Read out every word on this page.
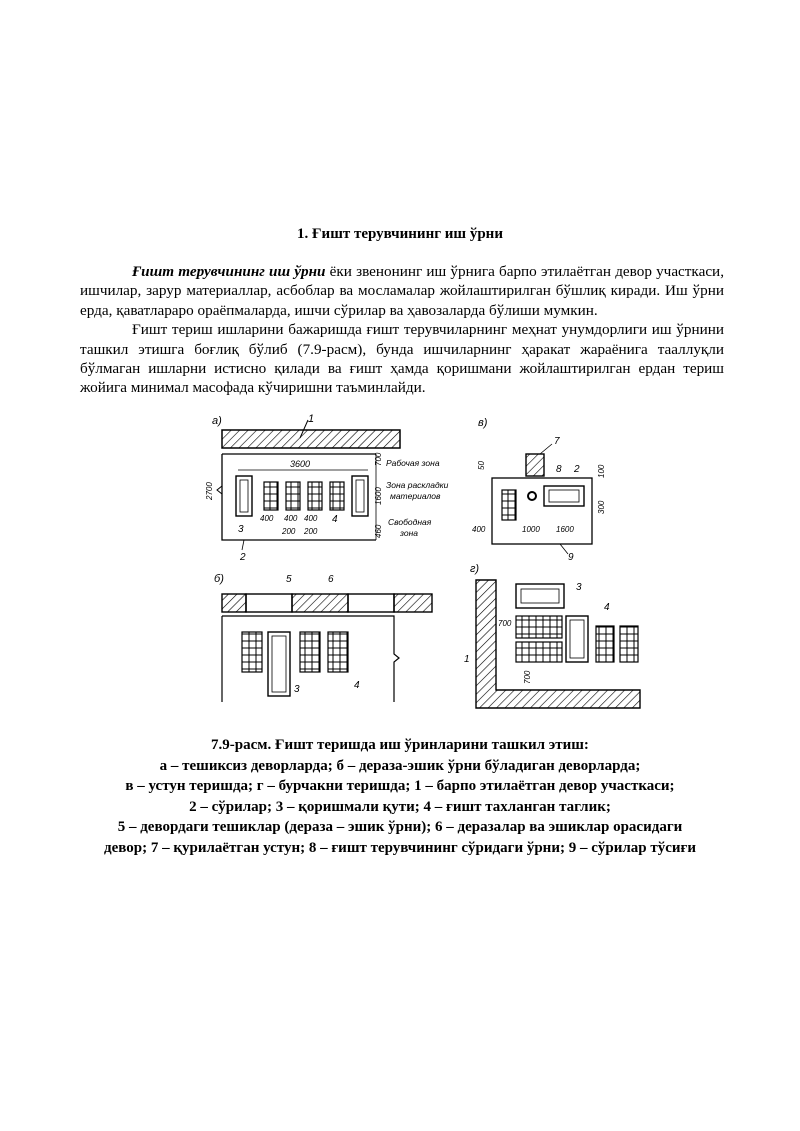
1. Ғишт терувчининг иш ўрни

Ғишт терувчининг иш ўрни ёки звенонинг иш ўрнига барпо этилаётган девор участкаси, ишчилар, зарур материаллар, асбоблар ва мосламалар жойлаштирилган бўшлиқ киради. Иш ўрни ерда, қаватлараро ораёпмаларда, ишчи сўрилар ва ҳавозаларда бўлиши мумкин.

Ғишт териш ишларини бажаришда ғишт терувчиларнинг меҳнат унумдорлиги иш ўрнини ташкил этишга боғлиқ бўлиб (7.9-расм), бунда ишчиларнинг ҳаракат жараёнига тааллуқли бўлмаган ишларни истисно қилади ва ғишт ҳамда қоришмани жойлаштирилган ердан териш жойига минимал масофада кўчиришни таъминлайди.

а)	1
3600	700
1600
460
2700
Рабочая зона
Зона раскладки
материалов
Свободная
зона
400 400 400
200 200
3
4
2
в)
7
8 2
50	100
300
400	1000 1600
9
б)	5	6
3	4
г)
1
3
4
700
700
7.9-расм. Ғишт теришда иш ўринларини ташкил этиш:
а – тешиксиз деворларда; б – дераза-эшик ўрни бўладиган деворларда;
в – устун теришда; г – бурчакни теришда; 1 – барпо этилаётган девор участкаси;
2 – сўрилар; 3 – қоришмали қути; 4 – ғишт тахланган таглик;
5 – девордаги тешиклар (дераза – эшик ўрни); 6 – деразалар ва эшиклар орасидаги
девор; 7 – қурилаётган устун; 8 – ғишт терувчининг сўридаги ўрни; 9 – сўрилар тўсиғи
